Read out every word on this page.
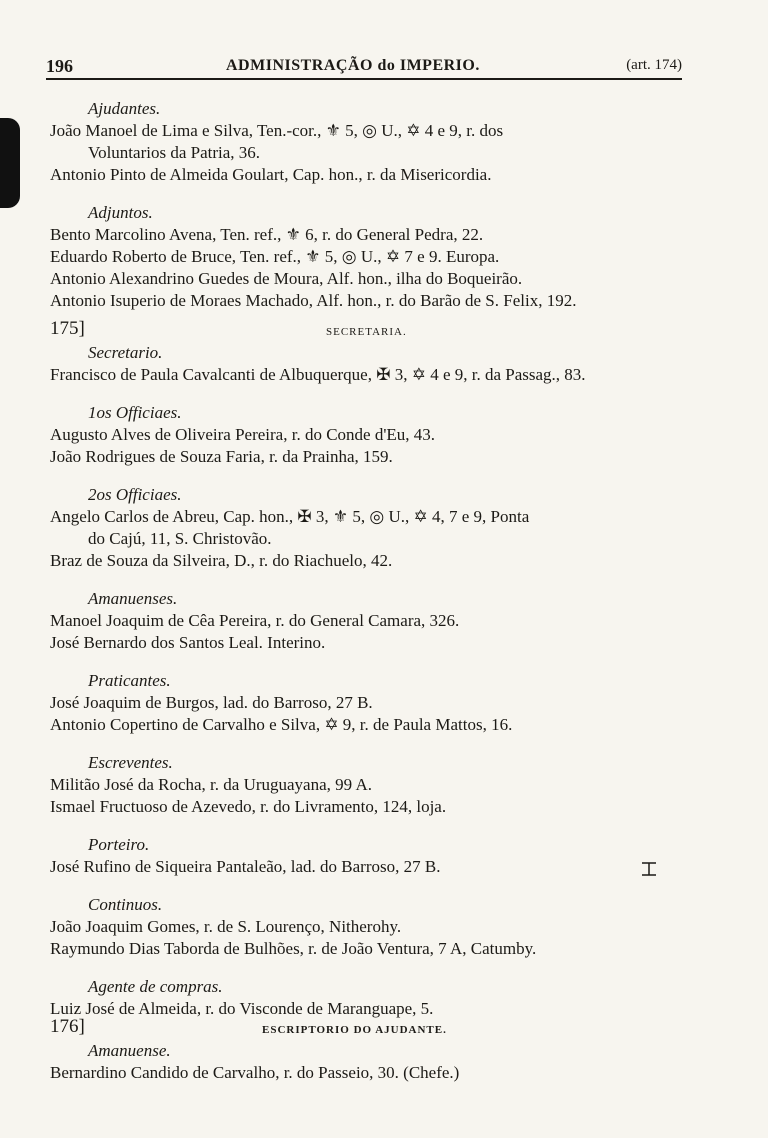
196	ADMINISTRAÇÃO do IMPERIO.	(art. 174)
Ajudantes.
João Manoel de Lima e Silva, Ten.-cor., ⚜ 5, ◎ U., ✡ 4 e 9, r. dos
Voluntarios da Patria, 36.
Antonio Pinto de Almeida Goulart, Cap. hon., r. da Misericordia.
Adjuntos.
Bento Marcolino Avena, Ten. ref., ⚜ 6, r. do General Pedra, 22.
Eduardo Roberto de Bruce, Ten. ref., ⚜ 5, ◎ U., ✡ 7 e 9. Europa.
Antonio Alexandrino Guedes de Moura, Alf. hon., ilha do Boqueirão.
Antonio Isuperio de Moraes Machado, Alf. hon., r. do Barão de S. Felix, 192.
175]	SECRETARIA.
Secretario.
Francisco de Paula Cavalcanti de Albuquerque, ✠ 3, ✡ 4 e 9, r. da Passag., 83.
1os Officiaes.
Augusto Alves de Oliveira Pereira, r. do Conde d'Eu, 43.
João Rodrigues de Souza Faria, r. da Prainha, 159.
2os Officiaes.
Angelo Carlos de Abreu, Cap. hon., ✠ 3, ⚜ 5, ◎ U., ✡ 4, 7 e 9, Ponta
do Cajú, 11, S. Christovão.
Braz de Souza da Silveira, D., r. do Riachuelo, 42.
Amanuenses.
Manoel Joaquim de Cêa Pereira, r. do General Camara, 326.
José Bernardo dos Santos Leal. Interino.
Praticantes.
José Joaquim de Burgos, lad. do Barroso, 27 B.
Antonio Copertino de Carvalho e Silva, ✡ 9, r. de Paula Mattos, 16.
Escreventes.
Militão José da Rocha, r. da Uruguayana, 99 A.
Ismael Fructuoso de Azevedo, r. do Livramento, 124, loja.
Porteiro.
José Rufino de Siqueira Pantaleão, lad. do Barroso, 27 B.
Continuos.
João Joaquim Gomes, r. de S. Lourenço, Nitherohy.
Raymundo Dias Taborda de Bulhões, r. de João Ventura, 7 A, Catumby.
Agente de compras.
Luiz José de Almeida, r. do Visconde de Maranguape, 5.
176]	ESCRIPTORIO DO AJUDANTE.
Amanuense.
Bernardino Candido de Carvalho, r. do Passeio, 30. (Chefe.)
